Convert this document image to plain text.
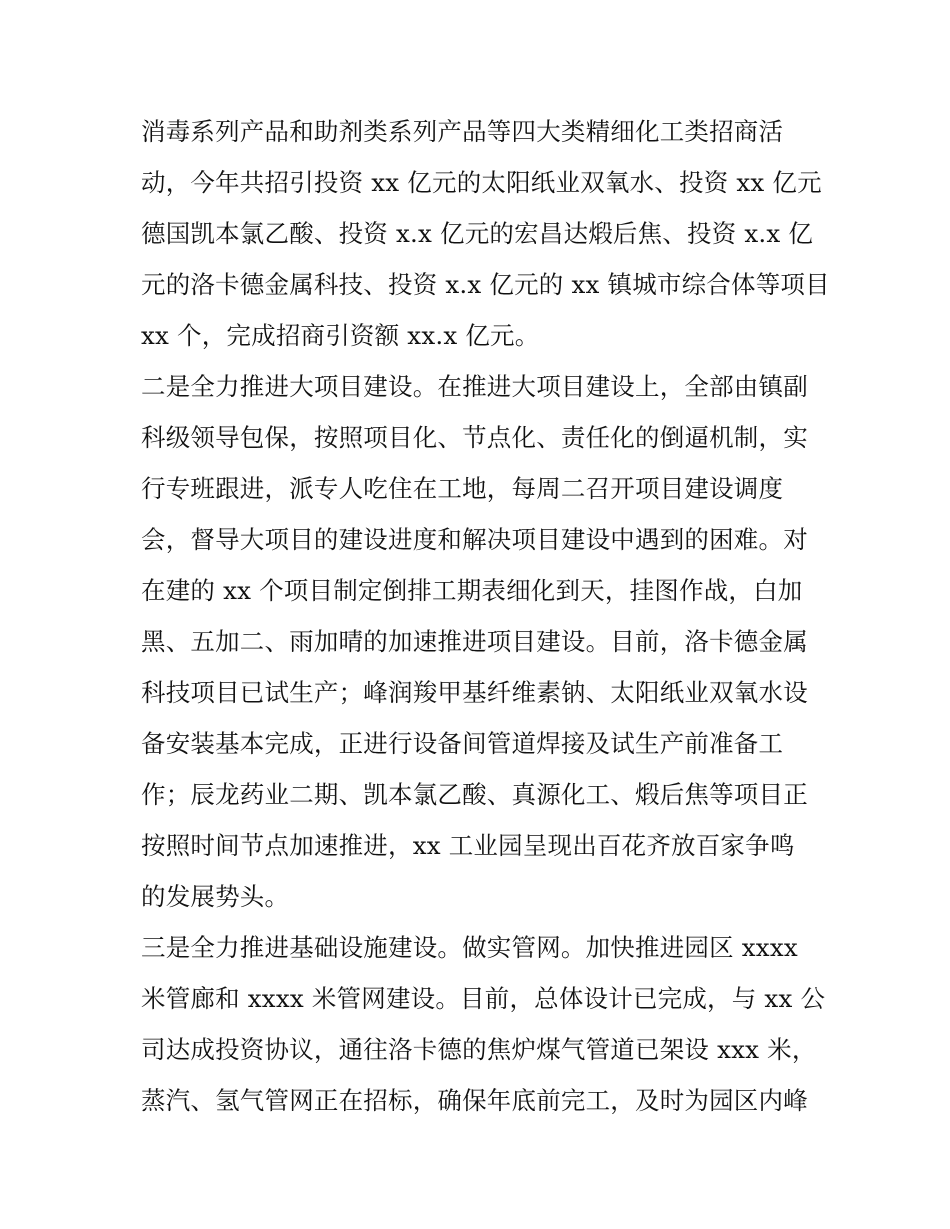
消毒系列产品和助剂类系列产品等四大类精细化工类招商活
动，今年共招引投资 xx 亿元的太阳纸业双氧水、投资 xx 亿元
德国凯本氯乙酸、投资 x.x 亿元的宏昌达煅后焦、投资 x.x 亿
元的洛卡德金属科技、投资 x.x 亿元的 xx 镇城市综合体等项目
xx 个，完成招商引资额 xx.x 亿元。
二是全力推进大项目建设。在推进大项目建设上，全部由镇副
科级领导包保，按照项目化、节点化、责任化的倒逼机制，实
行专班跟进，派专人吃住在工地，每周二召开项目建设调度
会，督导大项目的建设进度和解决项目建设中遇到的困难。对
在建的 xx 个项目制定倒排工期表细化到天，挂图作战，白加
黑、五加二、雨加晴的加速推进项目建设。目前，洛卡德金属
科技项目已试生产；峰润羧甲基纤维素钠、太阳纸业双氧水设
备安装基本完成，正进行设备间管道焊接及试生产前准备工
作；辰龙药业二期、凯本氯乙酸、真源化工、煅后焦等项目正
按照时间节点加速推进，xx 工业园呈现出百花齐放百家争鸣
的发展势头。
三是全力推进基础设施建设。做实管网。加快推进园区 xxxx
米管廊和 xxxx 米管网建设。目前，总体设计已完成，与 xx 公
司达成投资协议，通往洛卡德的焦炉煤气管道已架设 xxx 米，
蒸汽、氢气管网正在招标，确保年底前完工，及时为园区内峰
